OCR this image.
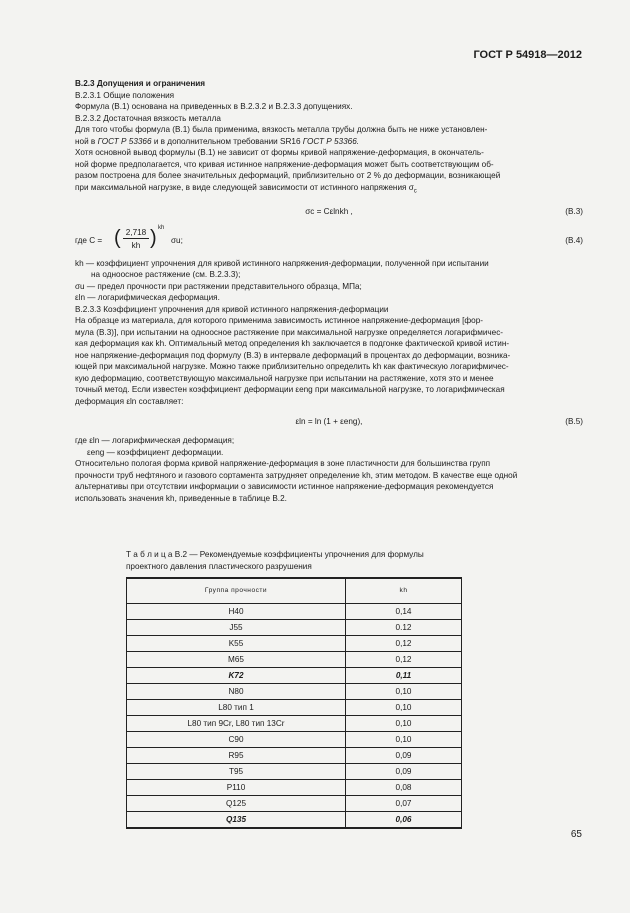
ГОСТ Р 54918—2012

В.2.3 Допущения и ограничения

В.2.3.1 Общие положения

Формула (В.1) основана на приведенных в В.2.3.2 и В.2.3.3 допущениях.

В.2.3.2 Достаточная вязкость металла

Для того чтобы формула (В.1) была применима, вязкость металла трубы должна быть не ниже установлен-

ной в ГОСТ Р 53366 и в дополнительном требовании SR16 ГОСТ Р 53366.

Хотя основной вывод формулы (В.1) не зависит от формы кривой напряжение-деформация, в окончатель-

ной форме предполагается, что кривая истинное напряжение-деформация может быть соответствующим об-

разом построена для более значительных деформаций, приблизительно от 2 % до деформации, возникающей

при максимальной нагрузке, в виде следующей зависимости от истинного напряжения $\sigma_c$

σc = Cεlnkh ,	(В.3)
где C = ( 2,718
kh ) kh
σu;	(В.4)

kh — коэффициент упрочнения для кривой истинного напряжения-деформации, полученной при испытании

на одноосное растяжение (см. В.2.3.3);

σu — предел прочности при растяжении представительного образца, МПа;

εln — логарифмическая деформация.

В.2.3.3 Коэффициент упрочнения для кривой истинного напряжения-деформации

На образце из материала, для которого применима зависимость истинное напряжение-деформация [фор-

мула (В.3)], при испытании на одноосное растяжение при максимальной нагрузке определяется логарифмичес-

кая деформация как kh. Оптимальный метод определения kh заключается в подгонке фактической кривой истин-

ное напряжение-деформация под формулу (В.3) в интервале деформаций в процентах до деформации, возника-

ющей при максимальной нагрузке. Можно также приблизительно определить kh как фактическую логарифмичес-

кую деформацию, соответствующую максимальной нагрузке при испытании на растяжение, хотя это и менее

точный метод. Если известен коэффициент деформации εeng при максимальной нагрузке, то логарифмическая

деформация εln составляет:

εln = ln (1 + εeng),	(В.5)

где εln — логарифмическая деформация;

εeng — коэффициент деформации.

Относительно пологая форма кривой напряжение-деформация в зоне пластичности для большинства групп

прочности труб нефтяного и газового сортамента затрудняет определение kh, этим методом. В качестве еще одной

альтернативы при отсутствии информации о зависимости истинное напряжение-деформация рекомендуется

использовать значения kh, приведенные в таблице В.2.

Т а б л и ц а В.2 — Рекомендуемые коэффициенты упрочнения для формулы
проектного давления пластического разрушения
Группа прочности	kh
H40	0,14
J55	0.12
K55	0,12
M65	0,12
K72	0,11
N80	0,10
L80 тип 1	0,10
L80 тип 9Cr, L80 тип 13Cr	0,10
C90	0,10
R95	0,09
T95	0,09
P110	0,08
Q125	0,07
Q135	0,06
65
